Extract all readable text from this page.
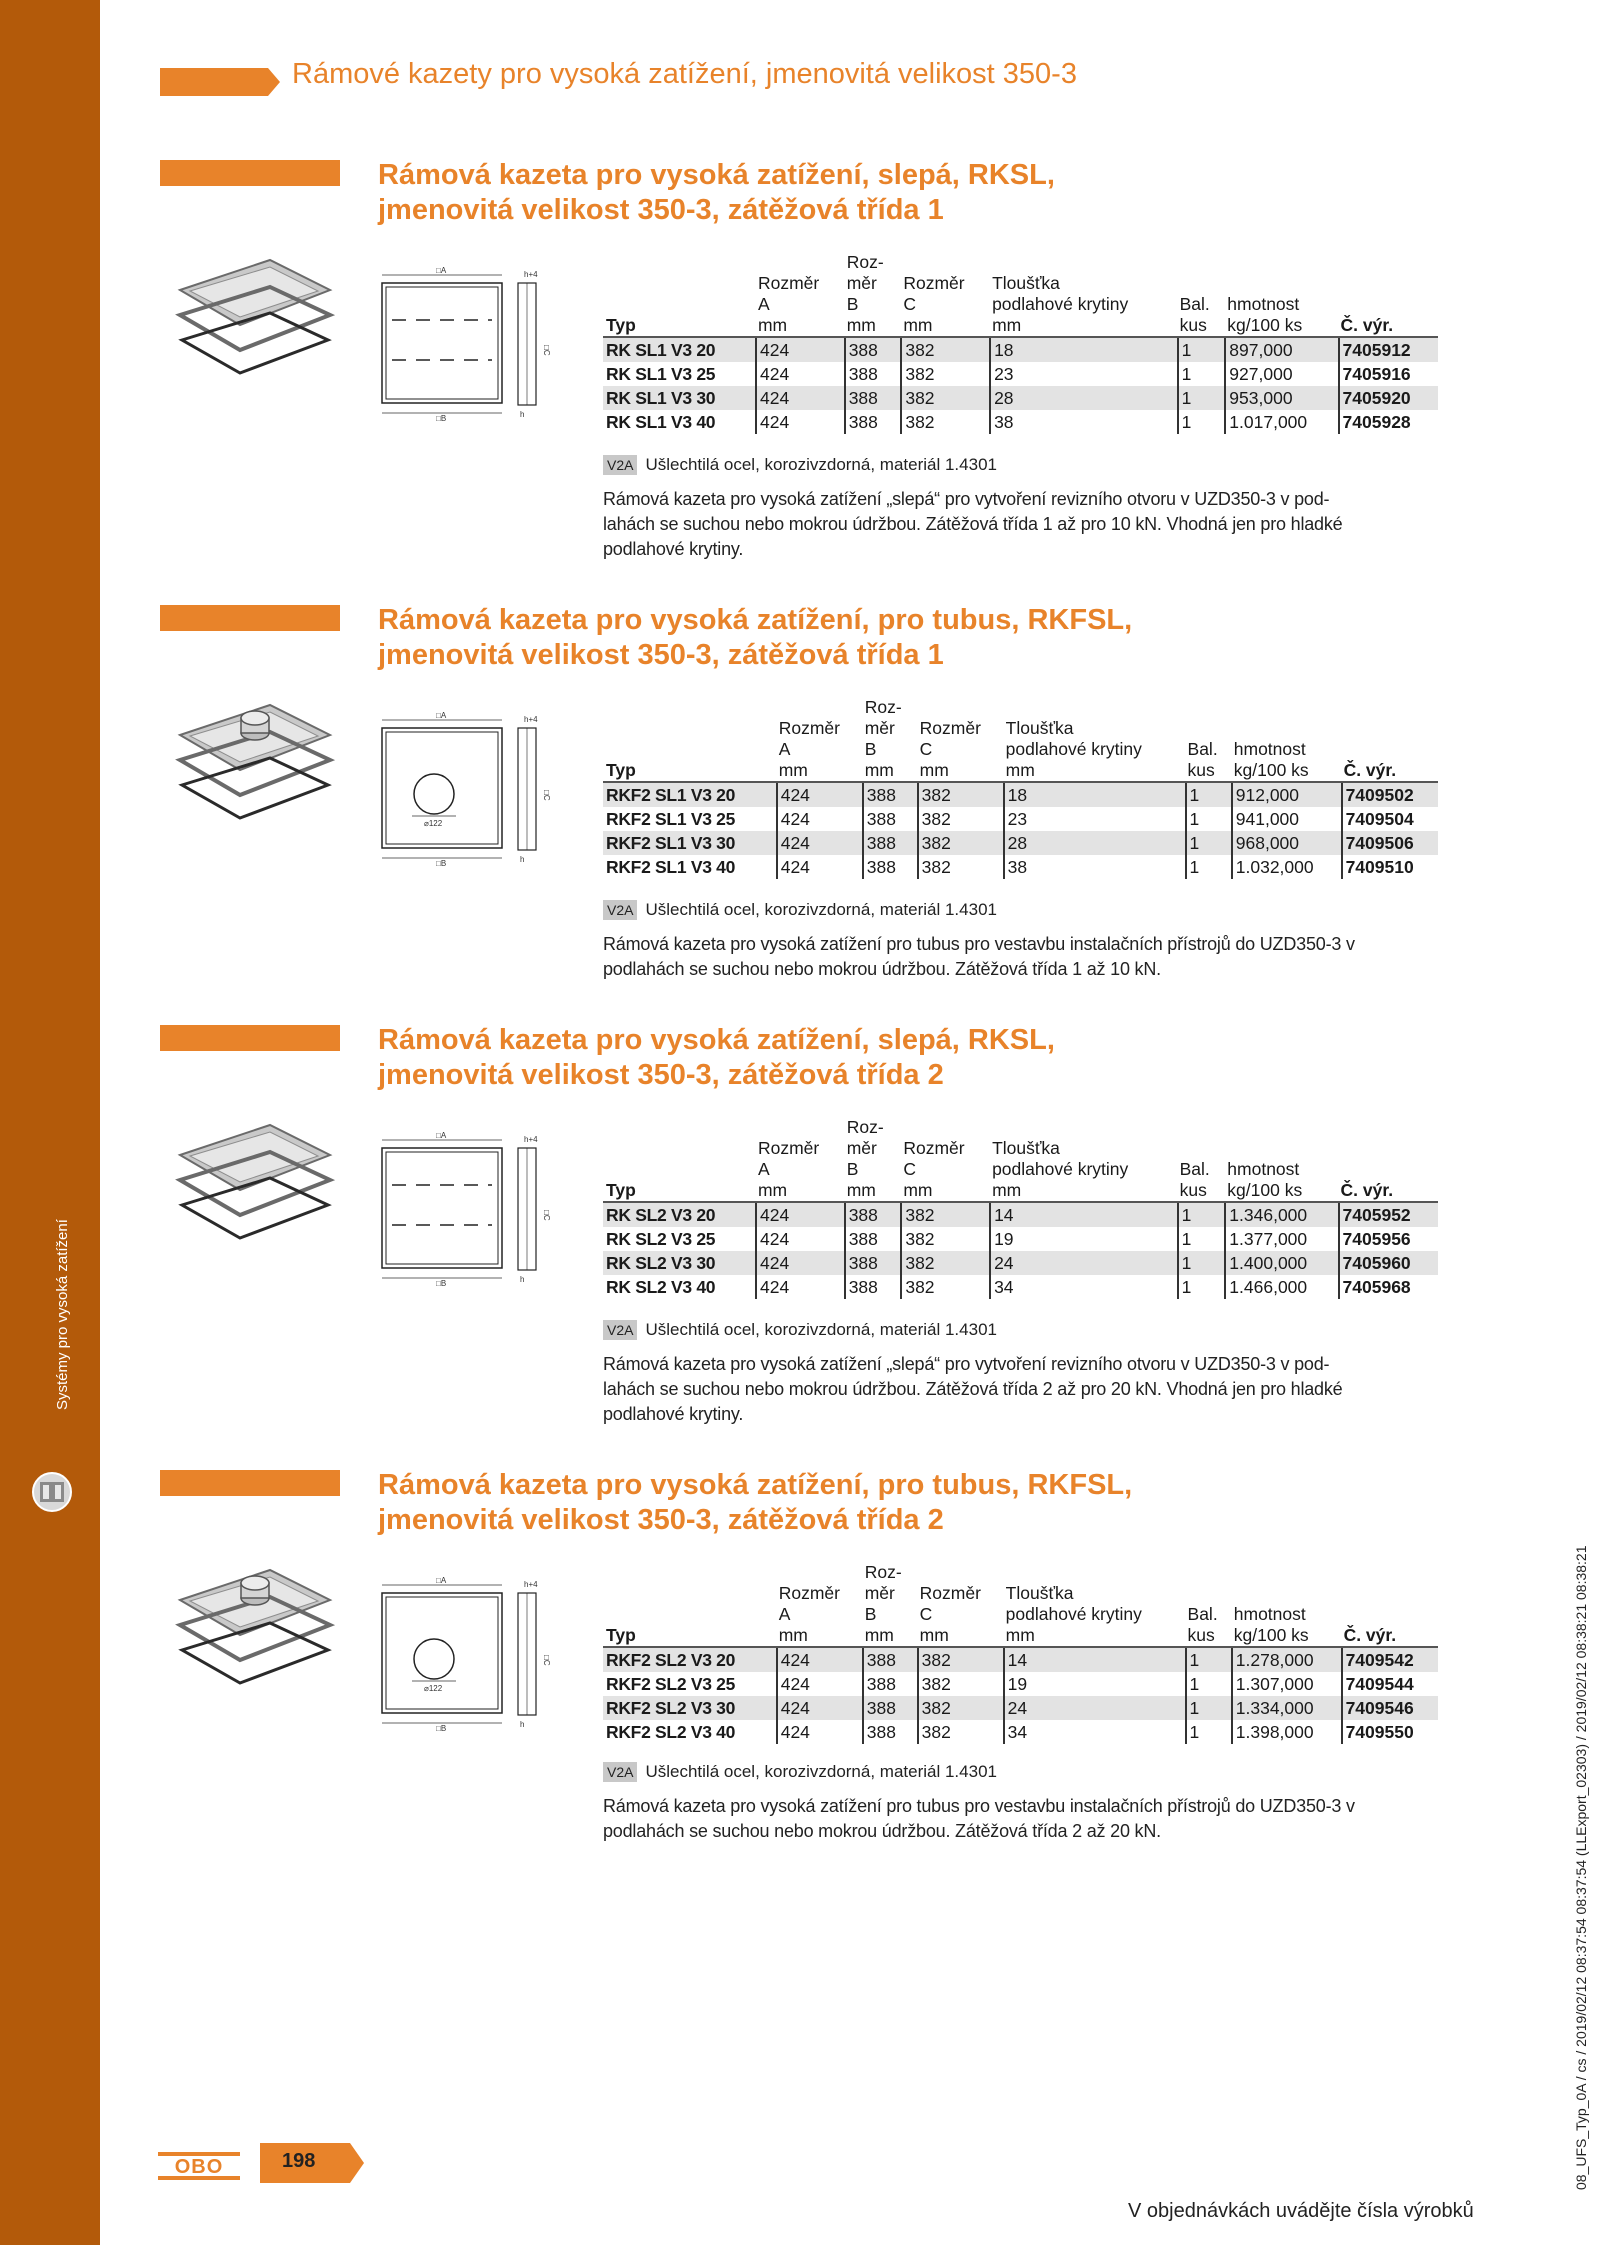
Systémy pro vysoká zatížení
Rámové kazety pro vysoká zatížení, jmenovitá velikost 350-3
Rámová kazeta pro vysoká zatížení, slepá, RKSL,
jmenovitá velikost 350-3, zátěžová třída 1
□A
□B
⌀122
h+4
h
□C
		Roz-					
	Rozměr	měr	Rozměr	Tloušťka			
	A	B	C	podlahové krytiny	Bal.	hmotnost	
Typ	mm	mm	mm	mm	kus	kg/100 ks	Č. výr.
RK SL1 V3 20	424	388	382	18	1	897,000	7405912
RK SL1 V3 25	424	388	382	23	1	927,000	7405916
RK SL1 V3 30	424	388	382	28	1	953,000	7405920
RK SL1 V3 40	424	388	382	38	1	1.017,000	7405928
V2A Ušlechtilá ocel, korozivzdorná, materiál 1.4301
Rámová kazeta pro vysoká zatížení „slepá“ pro vytvoření revizního otvoru v UZD350-3 v pod-
lahách se suchou nebo mokrou údržbou. Zátěžová třída 1 až pro 10 kN. Vhodná jen pro hladké
podlahové krytiny.
Rámová kazeta pro vysoká zatížení, pro tubus, RKFSL,
jmenovitá velikost 350-3, zátěžová třída 1
□A
□B
⌀122
h+4
h
□C
		Roz-					
	Rozměr	měr	Rozměr	Tloušťka			
	A	B	C	podlahové krytiny	Bal.	hmotnost	
Typ	mm	mm	mm	mm	kus	kg/100 ks	Č. výr.
RKF2 SL1 V3 20	424	388	382	18	1	912,000	7409502
RKF2 SL1 V3 25	424	388	382	23	1	941,000	7409504
RKF2 SL1 V3 30	424	388	382	28	1	968,000	7409506
RKF2 SL1 V3 40	424	388	382	38	1	1.032,000	7409510
V2A Ušlechtilá ocel, korozivzdorná, materiál 1.4301
Rámová kazeta pro vysoká zatížení pro tubus pro vestavbu instalačních přístrojů do UZD350-3 v
podlahách se suchou nebo mokrou údržbou. Zátěžová třída 1 až 10 kN.
Rámová kazeta pro vysoká zatížení, slepá, RKSL,
jmenovitá velikost 350-3, zátěžová třída 2
□A
□B
⌀122
h+4
h
□C
		Roz-					
	Rozměr	měr	Rozměr	Tloušťka			
	A	B	C	podlahové krytiny	Bal.	hmotnost	
Typ	mm	mm	mm	mm	kus	kg/100 ks	Č. výr.
RK SL2 V3 20	424	388	382	14	1	1.346,000	7405952
RK SL2 V3 25	424	388	382	19	1	1.377,000	7405956
RK SL2 V3 30	424	388	382	24	1	1.400,000	7405960
RK SL2 V3 40	424	388	382	34	1	1.466,000	7405968
V2A Ušlechtilá ocel, korozivzdorná, materiál 1.4301
Rámová kazeta pro vysoká zatížení „slepá“ pro vytvoření revizního otvoru v UZD350-3 v pod-
lahách se suchou nebo mokrou údržbou. Zátěžová třída 2 až pro 20 kN. Vhodná jen pro hladké
podlahové krytiny.
Rámová kazeta pro vysoká zatížení, pro tubus, RKFSL,
jmenovitá velikost 350-3, zátěžová třída 2
□A
□B
⌀122
h+4
h
□C
		Roz-					
	Rozměr	měr	Rozměr	Tloušťka			
	A	B	C	podlahové krytiny	Bal.	hmotnost	
Typ	mm	mm	mm	mm	kus	kg/100 ks	Č. výr.
RKF2 SL2 V3 20	424	388	382	14	1	1.278,000	7409542
RKF2 SL2 V3 25	424	388	382	19	1	1.307,000	7409544
RKF2 SL2 V3 30	424	388	382	24	1	1.334,000	7409546
RKF2 SL2 V3 40	424	388	382	34	1	1.398,000	7409550
V2A Ušlechtilá ocel, korozivzdorná, materiál 1.4301
Rámová kazeta pro vysoká zatížení pro tubus pro vestavbu instalačních přístrojů do UZD350-3 v
podlahách se suchou nebo mokrou údržbou. Zátěžová třída 2 až 20 kN.
OBO	198
V objednávkách uvádějte čísla výrobků
08_UFS_Typ_0A / cs / 2019/02/12 08:37:54 08:37:54 (LLExport_02303) / 2019/02/12 08:38:21 08:38:21
